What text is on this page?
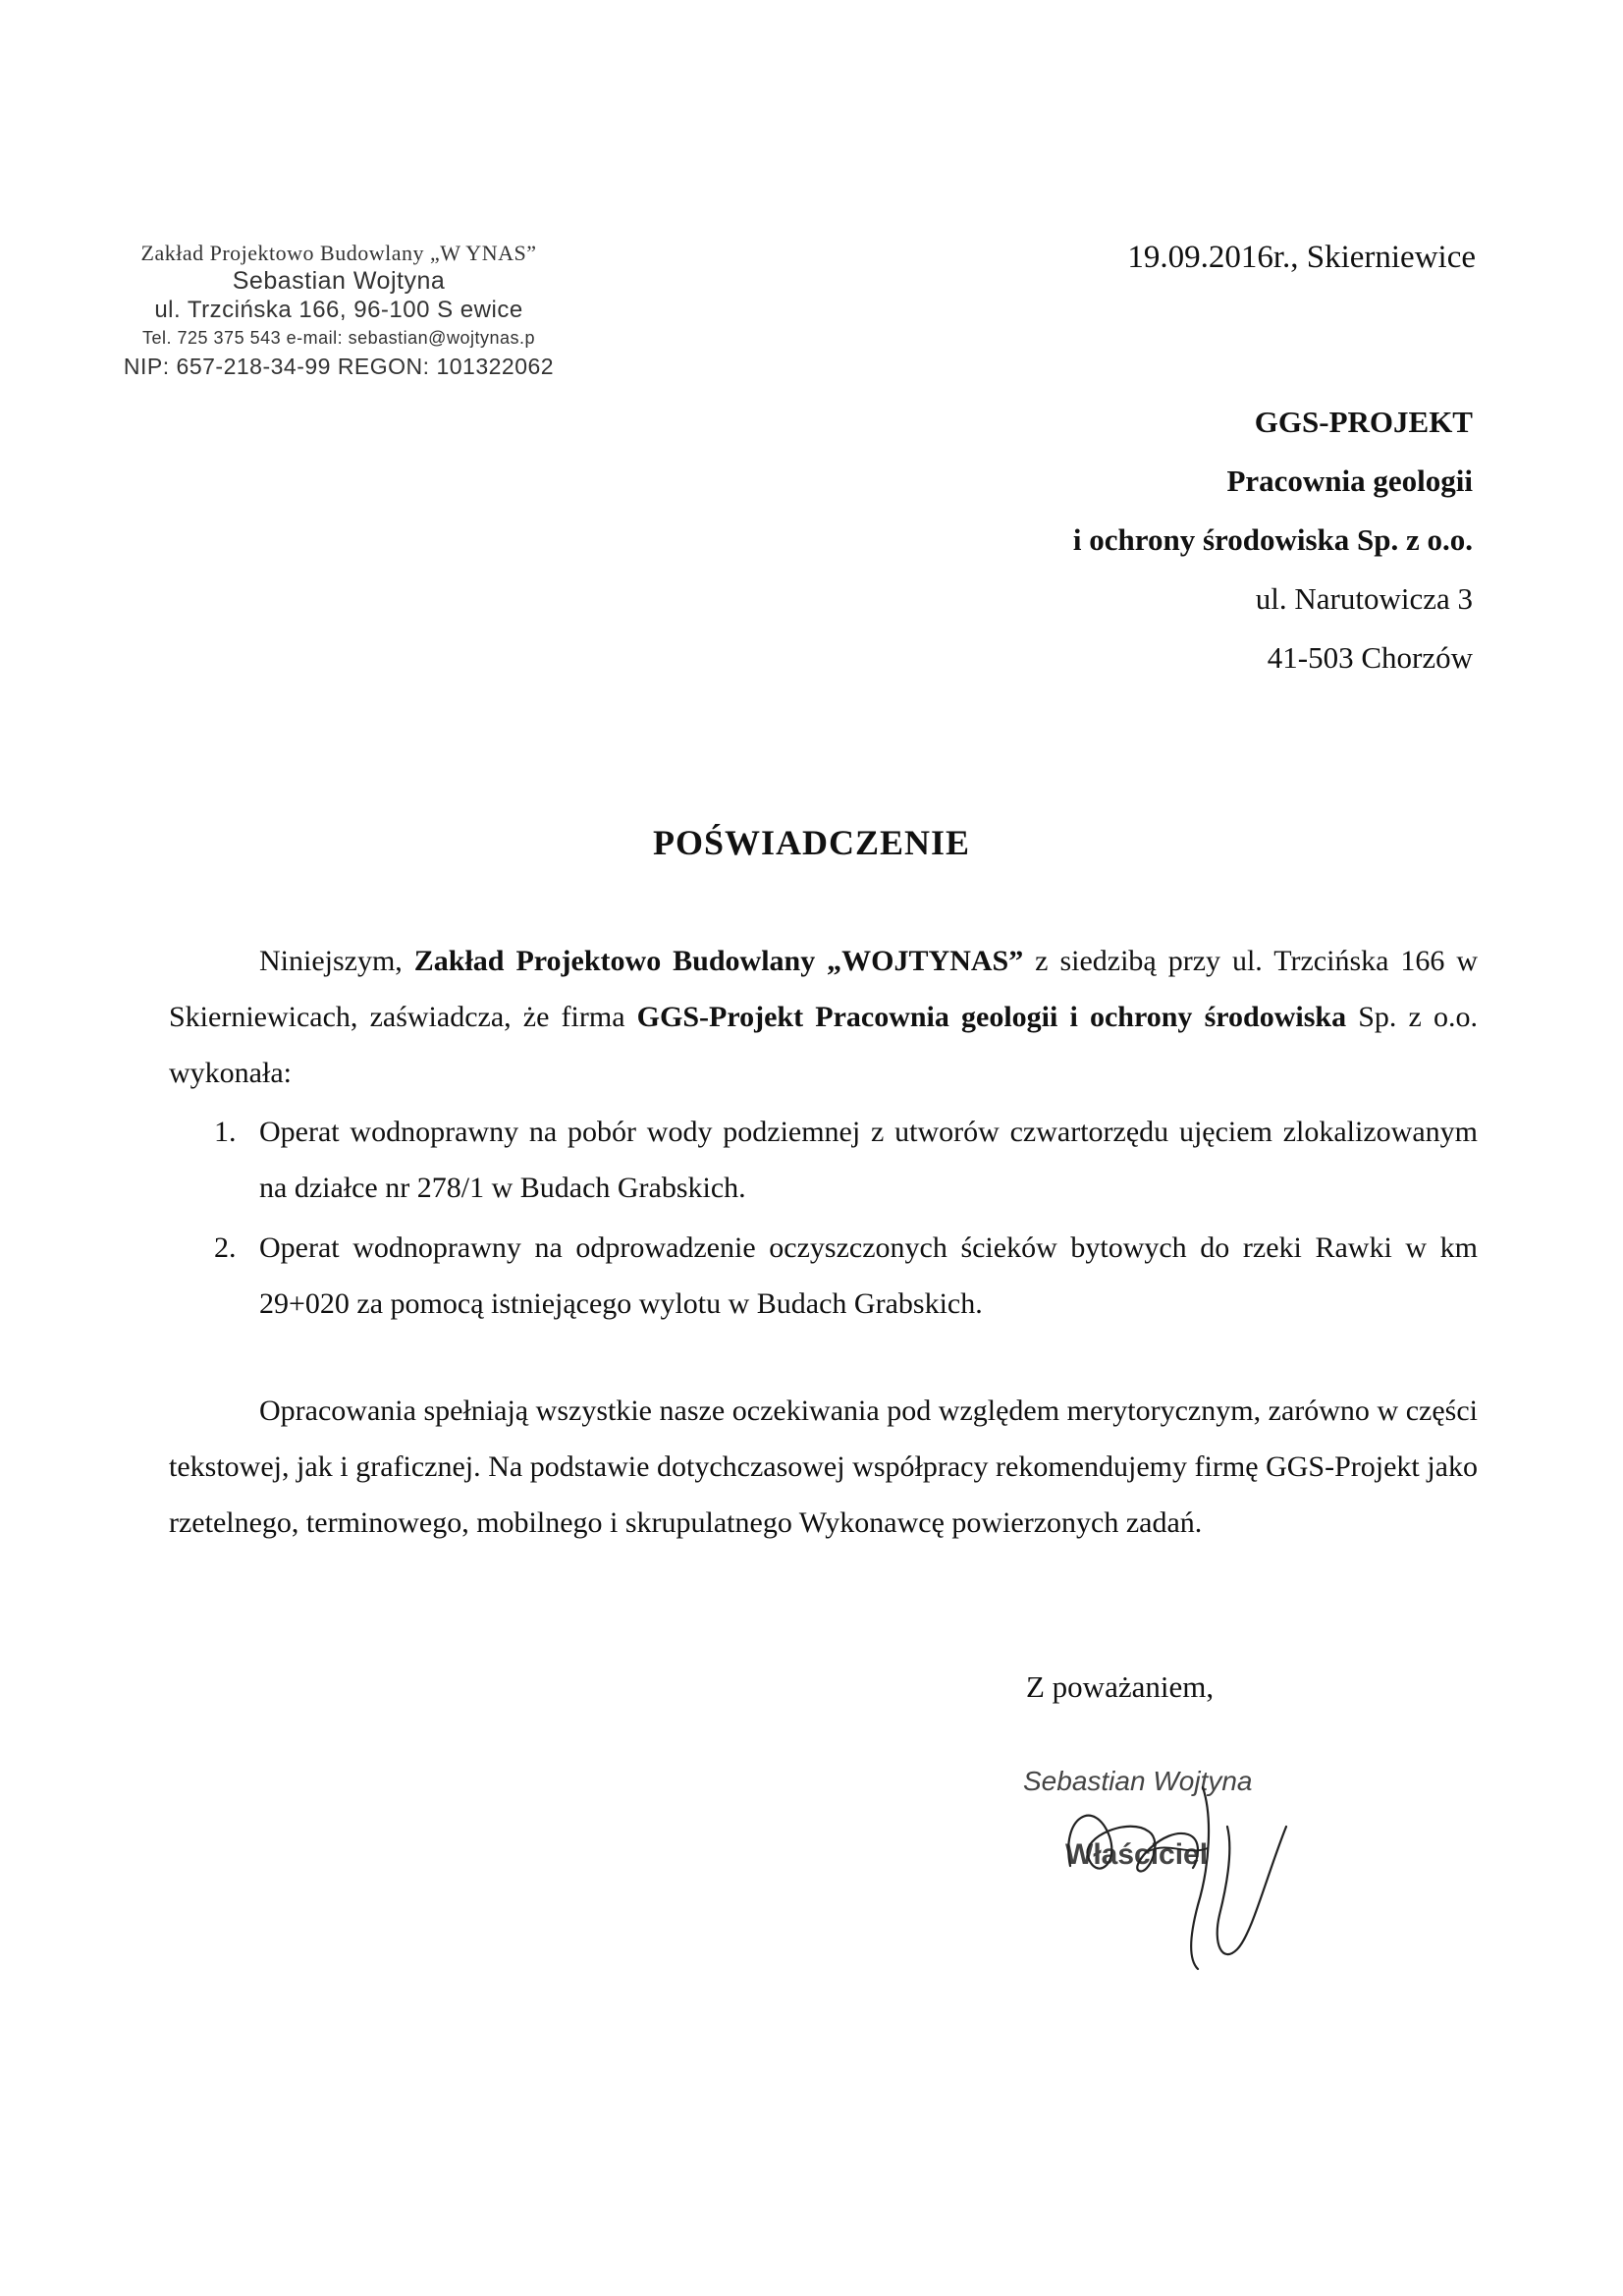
Zakład Projektowo Budowlany „W YNAS”
Sebastian Wojtyna
ul. Trzcińska 166, 96-100 S ewice
Tel. 725 375 543 e-mail: sebastian@wojtynas.p
NIP: 657-218-34-99 REGON: 101322062
19.09.2016r., Skierniewice
GGS-PROJEKT
Pracownia geologii
i ochrony środowiska Sp. z o.o.
ul. Narutowicza 3
41-503 Chorzów
POŚWIADCZENIE
Niniejszym, Zakład Projektowo Budowlany „WOJTYNAS” z siedzibą przy ul. Trzcińska 166 w Skierniewicach, zaświadcza, że firma GGS-Projekt Pracownia geologii i ochrony środowiska Sp. z o.o. wykonała:
1. Operat wodnoprawny na pobór wody podziemnej z utworów czwartorzędu ujęciem zlokalizowanym na działce nr 278/1 w Budach Grabskich.
2. Operat wodnoprawny na odprowadzenie oczyszczonych ścieków bytowych do rzeki Rawki w km 29+020 za pomocą istniejącego wylotu w Budach Grabskich.
Opracowania spełniają wszystkie nasze oczekiwania pod względem merytorycznym, zarówno w części tekstowej, jak i graficznej. Na podstawie dotychczasowej współpracy rekomendujemy firmę GGS-Projekt jako rzetelnego, terminowego, mobilnego i skrupulatnego Wykonawcę powierzonych zadań.
Z poważaniem,
Sebastian Wojtyna
Właściciel
